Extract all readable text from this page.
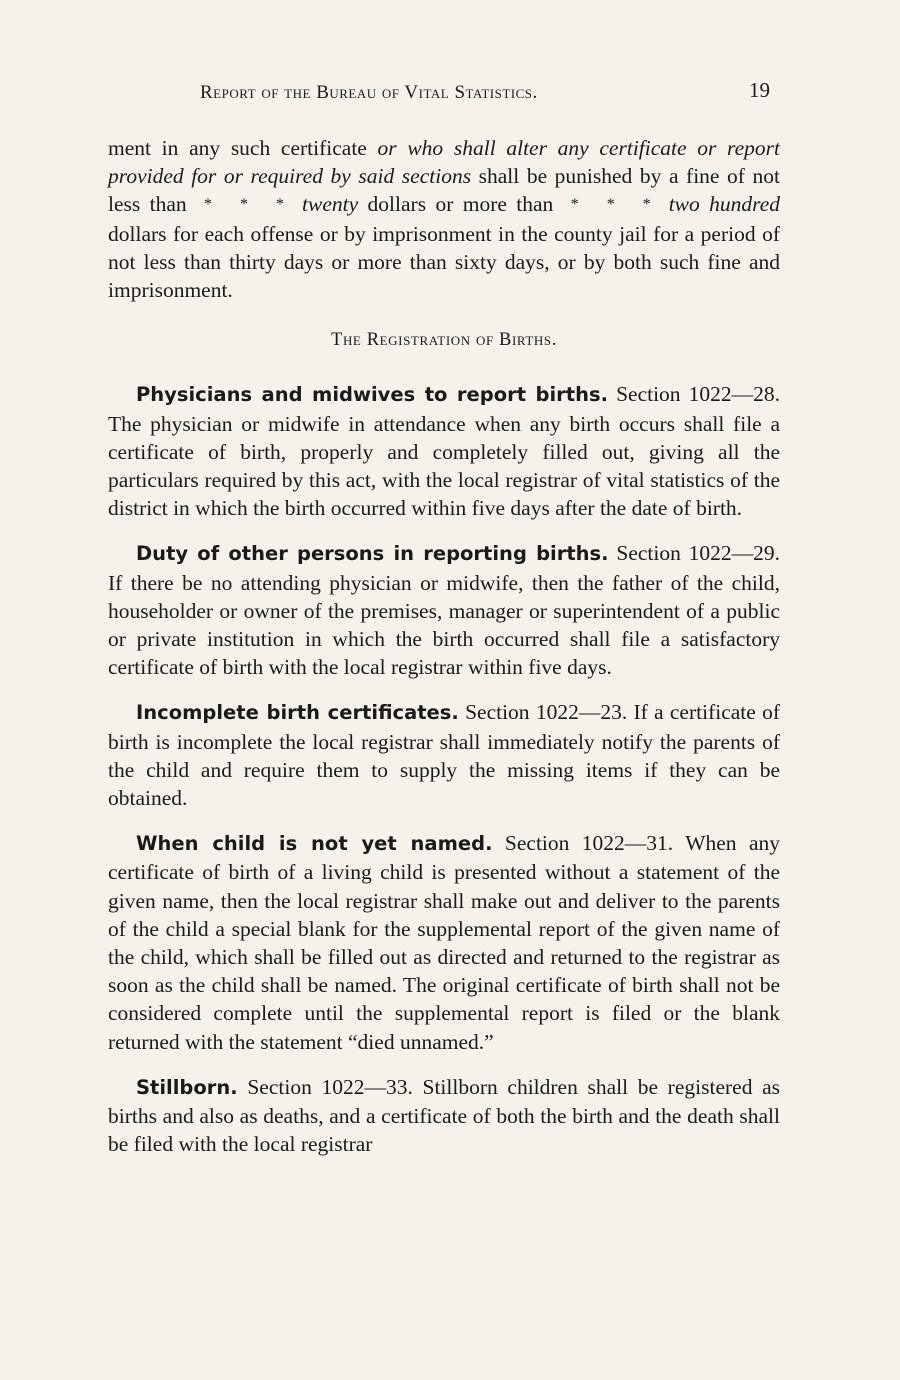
Report of the Bureau of Vital Statistics.	19

ment in any such certificate or who shall alter any certificate or report provided for or required by said sections shall be punished by a fine of not less than * * * twenty dollars or more than * * * two hundred dollars for each offense or by imprisonment in the county jail for a period of not less than thirty days or more than sixty days, or by both such fine and imprisonment.

The Registration of Births.

Physicians and midwives to report births. Section 1022—28. The physician or midwife in attendance when any birth occurs shall file a certificate of birth, properly and completely filled out, giving all the particulars required by this act, with the local registrar of vital statistics of the district in which the birth occurred within five days after the date of birth.

Duty of other persons in reporting births. Section 1022—29. If there be no attending physician or midwife, then the father of the child, householder or owner of the premises, manager or superintendent of a public or private institution in which the birth occurred shall file a satisfactory certificate of birth with the local registrar within five days.

Incomplete birth certificates. Section 1022—23. If a certificate of birth is incomplete the local registrar shall immediately notify the parents of the child and require them to supply the missing items if they can be obtained.

When child is not yet named. Section 1022—31. When any certificate of birth of a living child is presented without a statement of the given name, then the local registrar shall make out and deliver to the parents of the child a special blank for the supplemental report of the given name of the child, which shall be filled out as directed and returned to the registrar as soon as the child shall be named. The original certificate of birth shall not be considered complete until the supplemental report is filed or the blank returned with the statement “died unnamed.”

Stillborn. Section 1022—33. Stillborn children shall be registered as births and also as deaths, and a certificate of both the birth and the death shall be filed with the local registrar
